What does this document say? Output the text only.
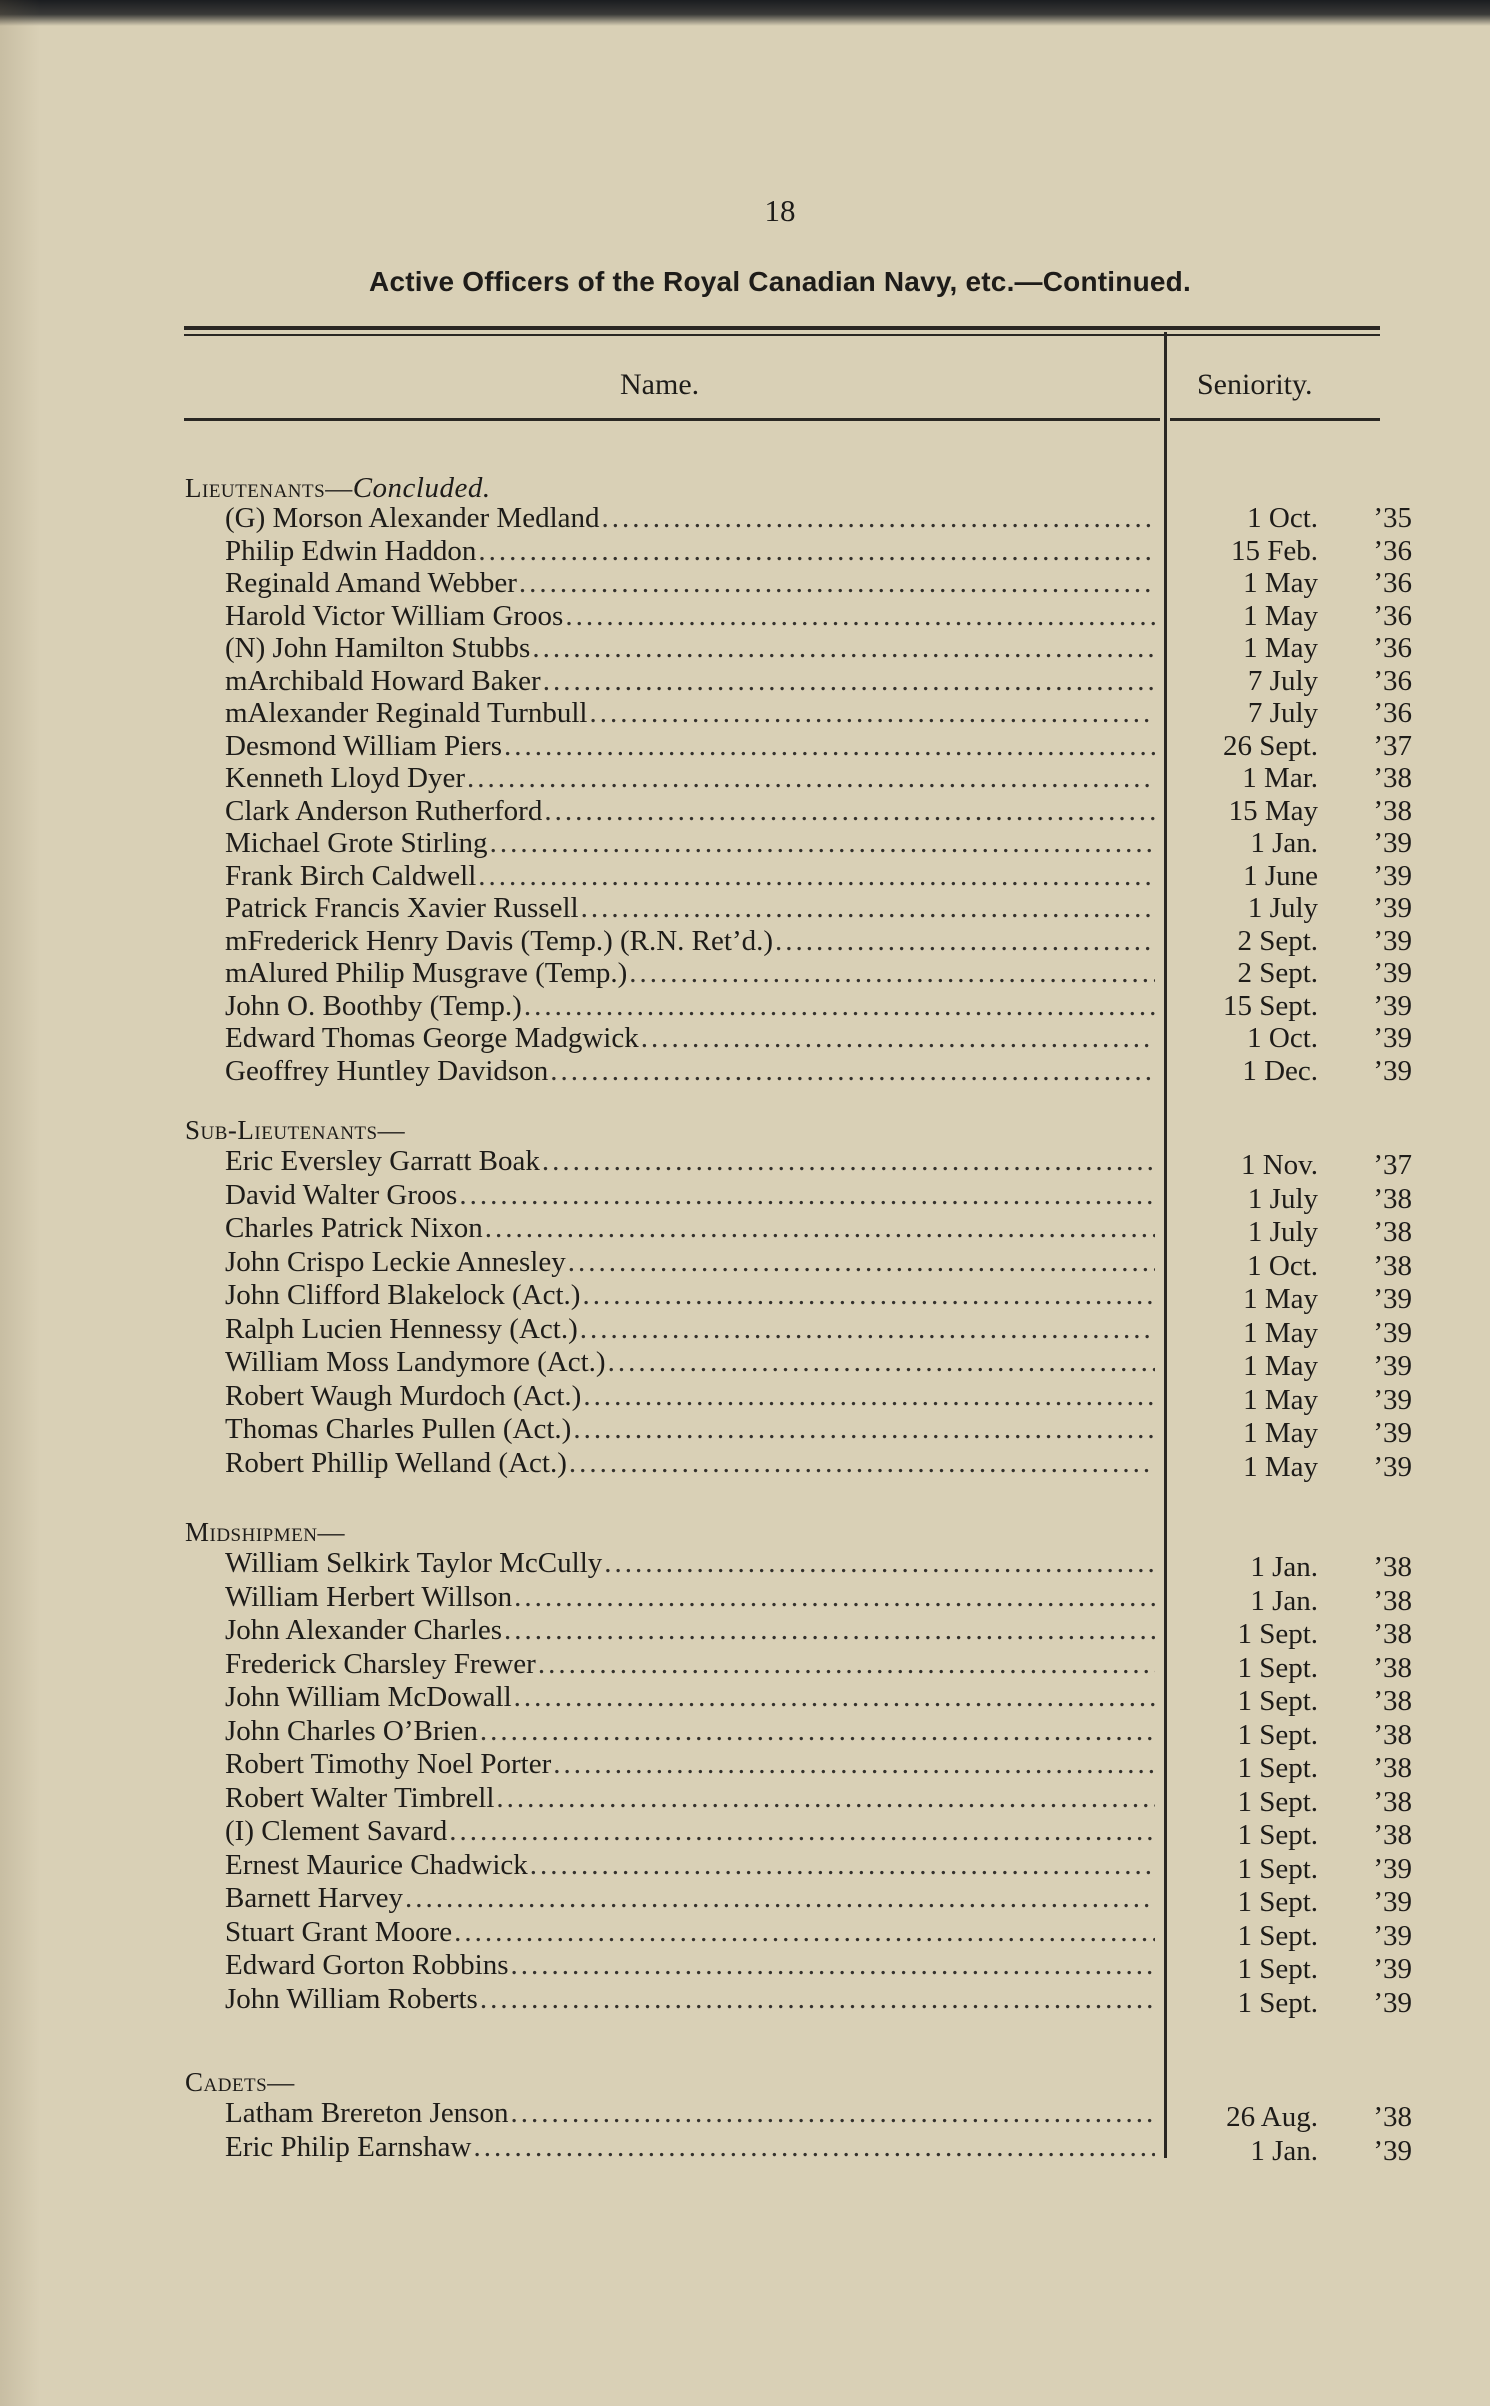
18
Active Officers of the Royal Canadian Navy, etc.—Continued.
Name.	Seniority.
Lieutenants—Concluded.
(G) Morson Alexander Medland .....	1 Oct.	’35
Philip Edwin Haddon .....	15 Feb.	’36
Reginald Amand Webber .....	1 May	’36
Harold Victor William Groos .....	1 May	’36
(N) John Hamilton Stubbs .....	1 May	’36
mArchibald Howard Baker .....	7 July	’36
mAlexander Reginald Turnbull .....	7 July	’36
Desmond William Piers .....	26 Sept.	’37
Kenneth Lloyd Dyer .....	1 Mar.	’38
Clark Anderson Rutherford .....	15 May	’38
Michael Grote Stirling .....	1 Jan.	’39
Frank Birch Caldwell .....	1 June	’39
Patrick Francis Xavier Russell .....	1 July	’39
mFrederick Henry Davis (Temp.) (R.N. Ret’d.) .....	2 Sept.	’39
mAlured Philip Musgrave (Temp.) .....	2 Sept.	’39
John O. Boothby (Temp.) .....	15 Sept.	’39
Edward Thomas George Madgwick .....	1 Oct.	’39
Geoffrey Huntley Davidson .....	1 Dec.	’39
Sub-Lieutenants—
Eric Eversley Garratt Boak .....	1 Nov.	’37
David Walter Groos .....	1 July	’38
Charles Patrick Nixon .....	1 July	’38
John Crispo Leckie Annesley .....	1 Oct.	’38
John Clifford Blakelock (Act.) .....	1 May	’39
Ralph Lucien Hennessy (Act.) .....	1 May	’39
William Moss Landymore (Act.) .....	1 May	’39
Robert Waugh Murdoch (Act.) .....	1 May	’39
Thomas Charles Pullen (Act.) .....	1 May	’39
Robert Phillip Welland (Act.) .....	1 May	’39
Midshipmen—
William Selkirk Taylor McCully .....	1 Jan.	’38
William Herbert Willson .....	1 Jan.	’38
John Alexander Charles .....	1 Sept.	’38
Frederick Charsley Frewer .....	1 Sept.	’38
John William McDowall .....	1 Sept.	’38
John Charles O’Brien .....	1 Sept.	’38
Robert Timothy Noel Porter .....	1 Sept.	’38
Robert Walter Timbrell .....	1 Sept.	’38
(I) Clement Savard .....	1 Sept.	’38
Ernest Maurice Chadwick .....	1 Sept.	’39
Barnett Harvey .....	1 Sept.	’39
Stuart Grant Moore .....	1 Sept.	’39
Edward Gorton Robbins .....	1 Sept.	’39
John William Roberts .....	1 Sept.	’39
Cadets—
Latham Brereton Jenson .....	26 Aug.	’38
Eric Philip Earnshaw .....	1 Jan.	’39
